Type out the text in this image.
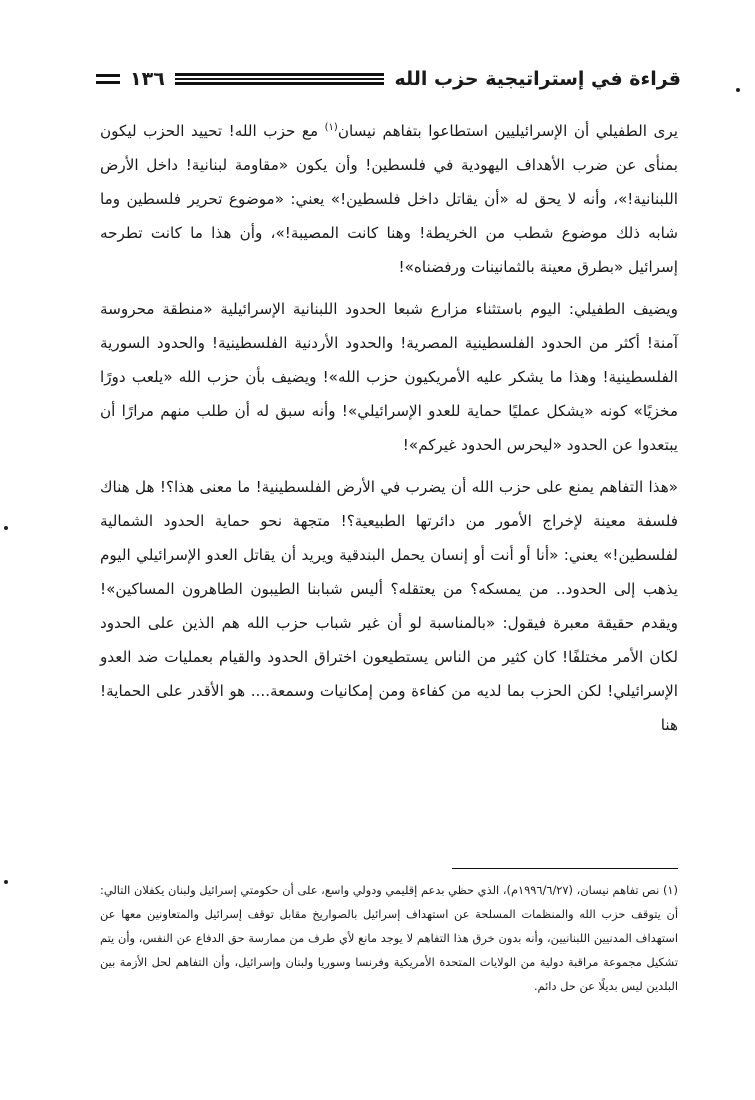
قراءة في إستراتيجية حزب الله
١٣٦

يرى الطفيلي أن الإسرائيليين استطاعوا بتفاهم نيسان$^{(١)}$ مع حزب الله! تحييد الحزب ليكون بمنأى عن ضرب الأهداف اليهودية في فلسطين! وأن يكون «مقاومة لبنانية! داخل الأرض اللبنانية!»، وأنه لا يحق له «أن يقاتل داخل فلسطين!» يعني: «موضوع تحرير فلسطين وما شابه ذلك موضوع شطب من الخريطة! وهنا كانت المصيبة!»، وأن هذا ما كانت تطرحه إسرائيل «بطرق معينة بالثمانينات ورفضناه»!

ويضيف الطفيلي: اليوم باستثناء مزارع شبعا الحدود اللبنانية الإسرائيلية «منطقة محروسة آمنة! أكثر من الحدود الفلسطينية المصرية! والحدود الأردنية الفلسطينية! والحدود السورية الفلسطينية! وهذا ما يشكر عليه الأمريكيون حزب الله»! ويضيف بأن حزب الله «يلعب دورًا مخزيًا» كونه «يشكل عمليًا حماية للعدو الإسرائيلي»! وأنه سبق له أن طلب منهم مرارًا أن يبتعدوا عن الحدود «ليحرس الحدود غيركم»!

«هذا التفاهم يمنع على حزب الله أن يضرب في الأرض الفلسطينية! ما معنى هذا؟! هل هناك فلسفة معينة لإخراج الأمور من دائرتها الطبيعية؟! متجهة نحو حماية الحدود الشمالية لفلسطين!» يعني: «أنا أو أنت أو إنسان يحمل البندقية ويريد أن يقاتل العدو الإسرائيلي اليوم يذهب إلى الحدود.. من يمسكه؟ من يعتقله؟ أليس شبابنا الطيبون الطاهرون المساكين»! ويقدم حقيقة معبرة فيقول: «بالمناسبة لو أن غير شباب حزب الله هم الذين على الحدود لكان الأمر مختلفًا! كان كثير من الناس يستطيعون اختراق الحدود والقيام بعمليات ضد العدو الإسرائيلي! لكن الحزب بما لديه من كفاءة ومن إمكانيات وسمعة.... هو الأقدر على الحماية! هنا

(١) نص تفاهم نيسان، (١٩٩٦/٦/٢٧م)، الذي حظي بدعم إقليمي ودولي واسع، على أن حكومتي إسرائيل ولبنان يكفلان التالي: أن يتوقف حزب الله والمنظمات المسلحة عن استهداف إسرائيل بالصواريخ مقابل توقف إسرائيل والمتعاونين معها عن استهداف المدنيين اللبنانيين، وأنه بدون خرق هذا التفاهم لا يوجد مانع لأي طرف من ممارسة حق الدفاع عن النفس، وأن يتم تشكيل مجموعة مراقبة دولية من الولايات المتحدة الأمريكية وفرنسا وسوريا ولبنان وإسرائيل، وأن التفاهم لحل الأزمة بين البلدين ليس بديلًا عن حل دائم.
